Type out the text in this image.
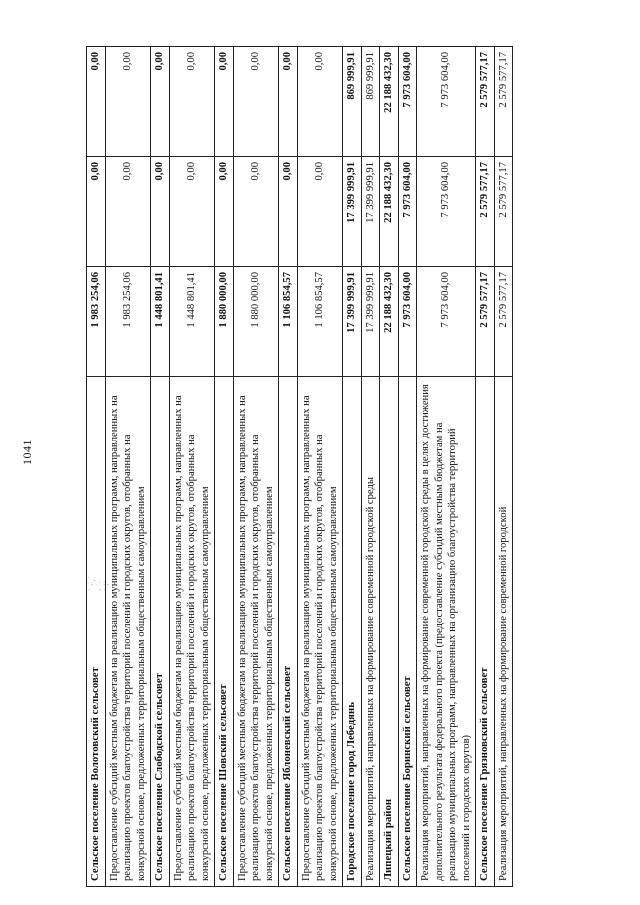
1041
· ,: ·
, ·.'
· ;·
Сельское поселение Волотовский сельсовет	1 983 254,06	0,00	0,00
Предоставление субсидий местным бюджетам на реализацию муниципальных программ, направленных на реализацию проектов благоустройства территорий поселений и городских округов, отобранных на конкурсной основе, предложенных территориальным общественным самоуправлением	1 983 254,06	0,00	0,00
Сельское поселение Слободской сельсовет	1 448 801,41	0,00	0,00
Предоставление субсидий местным бюджетам на реализацию муниципальных программ, направленных на реализацию проектов благоустройства территорий поселений и городских округов, отобранных на конкурсной основе, предложенных территориальным общественным самоуправлением	1 448 801,41	0,00	0,00
Сельское поселение Шовский сельсовет	1 880 000,00	0,00	0,00
Предоставление субсидий местным бюджетам на реализацию муниципальных программ, направленных на реализацию проектов благоустройства территорий поселений и городских округов, отобранных на конкурсной основе, предложенных территориальным общественным самоуправлением	1 880 000,00	0,00	0,00
Сельское поселение Яблоневский сельсовет	1 106 854,57	0,00	0,00
Предоставление субсидий местным бюджетам на реализацию муниципальных программ, направленных на реализацию проектов благоустройства территорий поселений и городских округов, отобранных на конкурсной основе, предложенных территориальным общественным самоуправлением	1 106 854,57	0,00	0,00
Городское поселение город Лебедянь	17 399 999,91	17 399 999,91	869 999,91
Реализация мероприятий, направленных на формирование современной городской среды	17 399 999,91	17 399 999,91	869 999,91
Липецкий район	22 188 432,30	22 188 432,30	22 188 432,30
Сельское поселение Боринский сельсовет	7 973 604,00	7 973 604,00	7 973 604,00
Реализация мероприятий, направленных на формирование современной городской среды в целях достижения дополнительного результата федерального проекта (предоставление субсидий местным бюджетам на реализацию муниципальных программ, направленных на организацию благоустройства территорий поселений и городских округов)	7 973 604,00	7 973 604,00	7 973 604,00
Сельское поселение Грязновский сельсовет	2 579 577,17	2 579 577,17	2 579 577,17
Реализация мероприятий, направленных на формирование современной городской	2 579 577,17	2 579 577,17	2 579 577,17
